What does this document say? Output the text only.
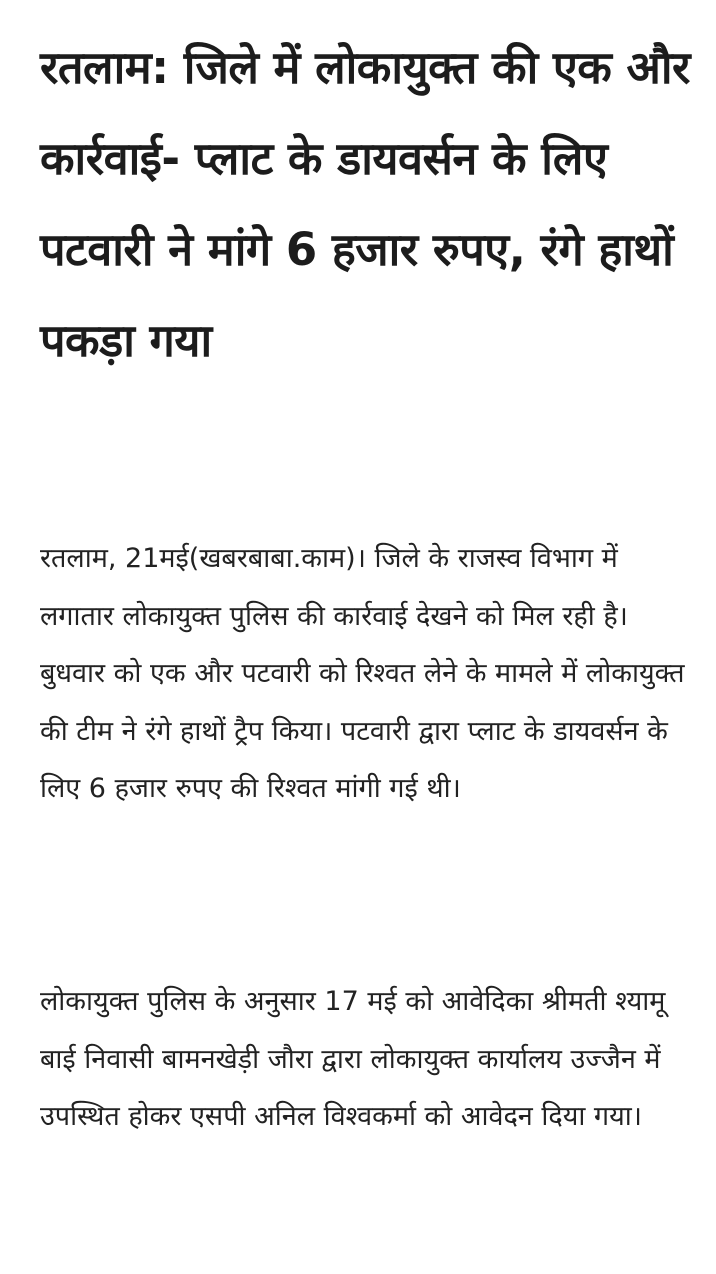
रतलाम: जिले में लोकायुक्त की एक और कार्रवाई- प्लाट के डायवर्सन के लिए पटवारी ने मांगे 6 हजार रुपए, रंगे हाथों पकड़ा गया

रतलाम, 21मई(खबरबाबा.काम)। जिले के राजस्व विभाग में लगातार लोकायुक्त पुलिस की कार्रवाई देखने को मिल रही है। बुधवार को एक और पटवारी को रिश्वत लेने के मामले में लोकायुक्त की टीम ने रंगे हाथों ट्रैप किया। पटवारी द्वारा प्लाट के डायवर्सन के लिए 6 हजार रुपए की रिश्वत मांगी गई थी।

लोकायुक्त पुलिस के अनुसार 17 मई को आवेदिका श्रीमती श्यामू बाई निवासी बामनखेड़ी जौरा द्वारा लोकायुक्त कार्यालय उज्जैन में उपस्थित होकर एसपी अनिल विश्वकर्मा को आवेदन दिया गया।
